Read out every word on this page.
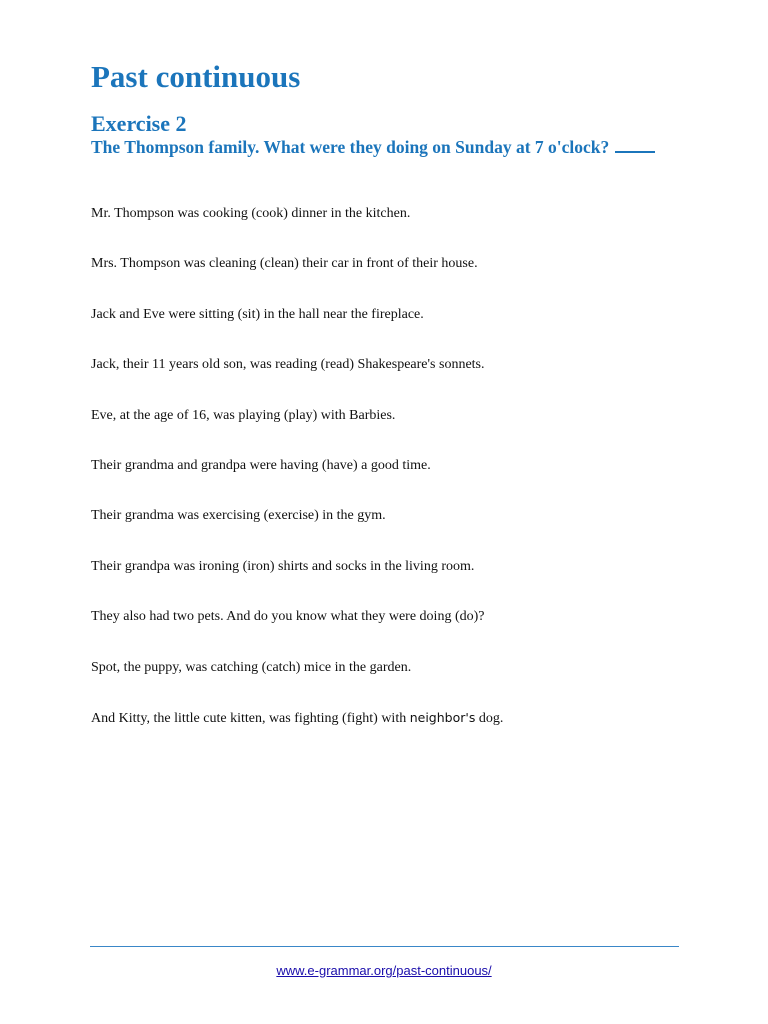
Past continuous
Exercise 2

The Thompson family. What were they doing on Sunday at 7 o'clock?

Mr. Thompson was cooking (cook) dinner in the kitchen.
Mrs. Thompson was cleaning (clean) their car in front of their house.
Jack and Eve were sitting (sit) in the hall near the fireplace.
Jack, their 11 years old son, was reading (read) Shakespeare's sonnets.
Eve, at the age of 16, was playing (play) with Barbies.
Their grandma and grandpa were having (have) a good time.
Their grandma was exercising (exercise) in the gym.
Their grandpa was ironing (iron) shirts and socks in the living room.
They also had two pets. And do you know what they were doing (do)?
Spot, the puppy, was catching (catch) mice in the garden.
And Kitty, the little cute kitten, was fighting (fight) with neighbor's dog.
www.e-grammar.org/past-continuous/
